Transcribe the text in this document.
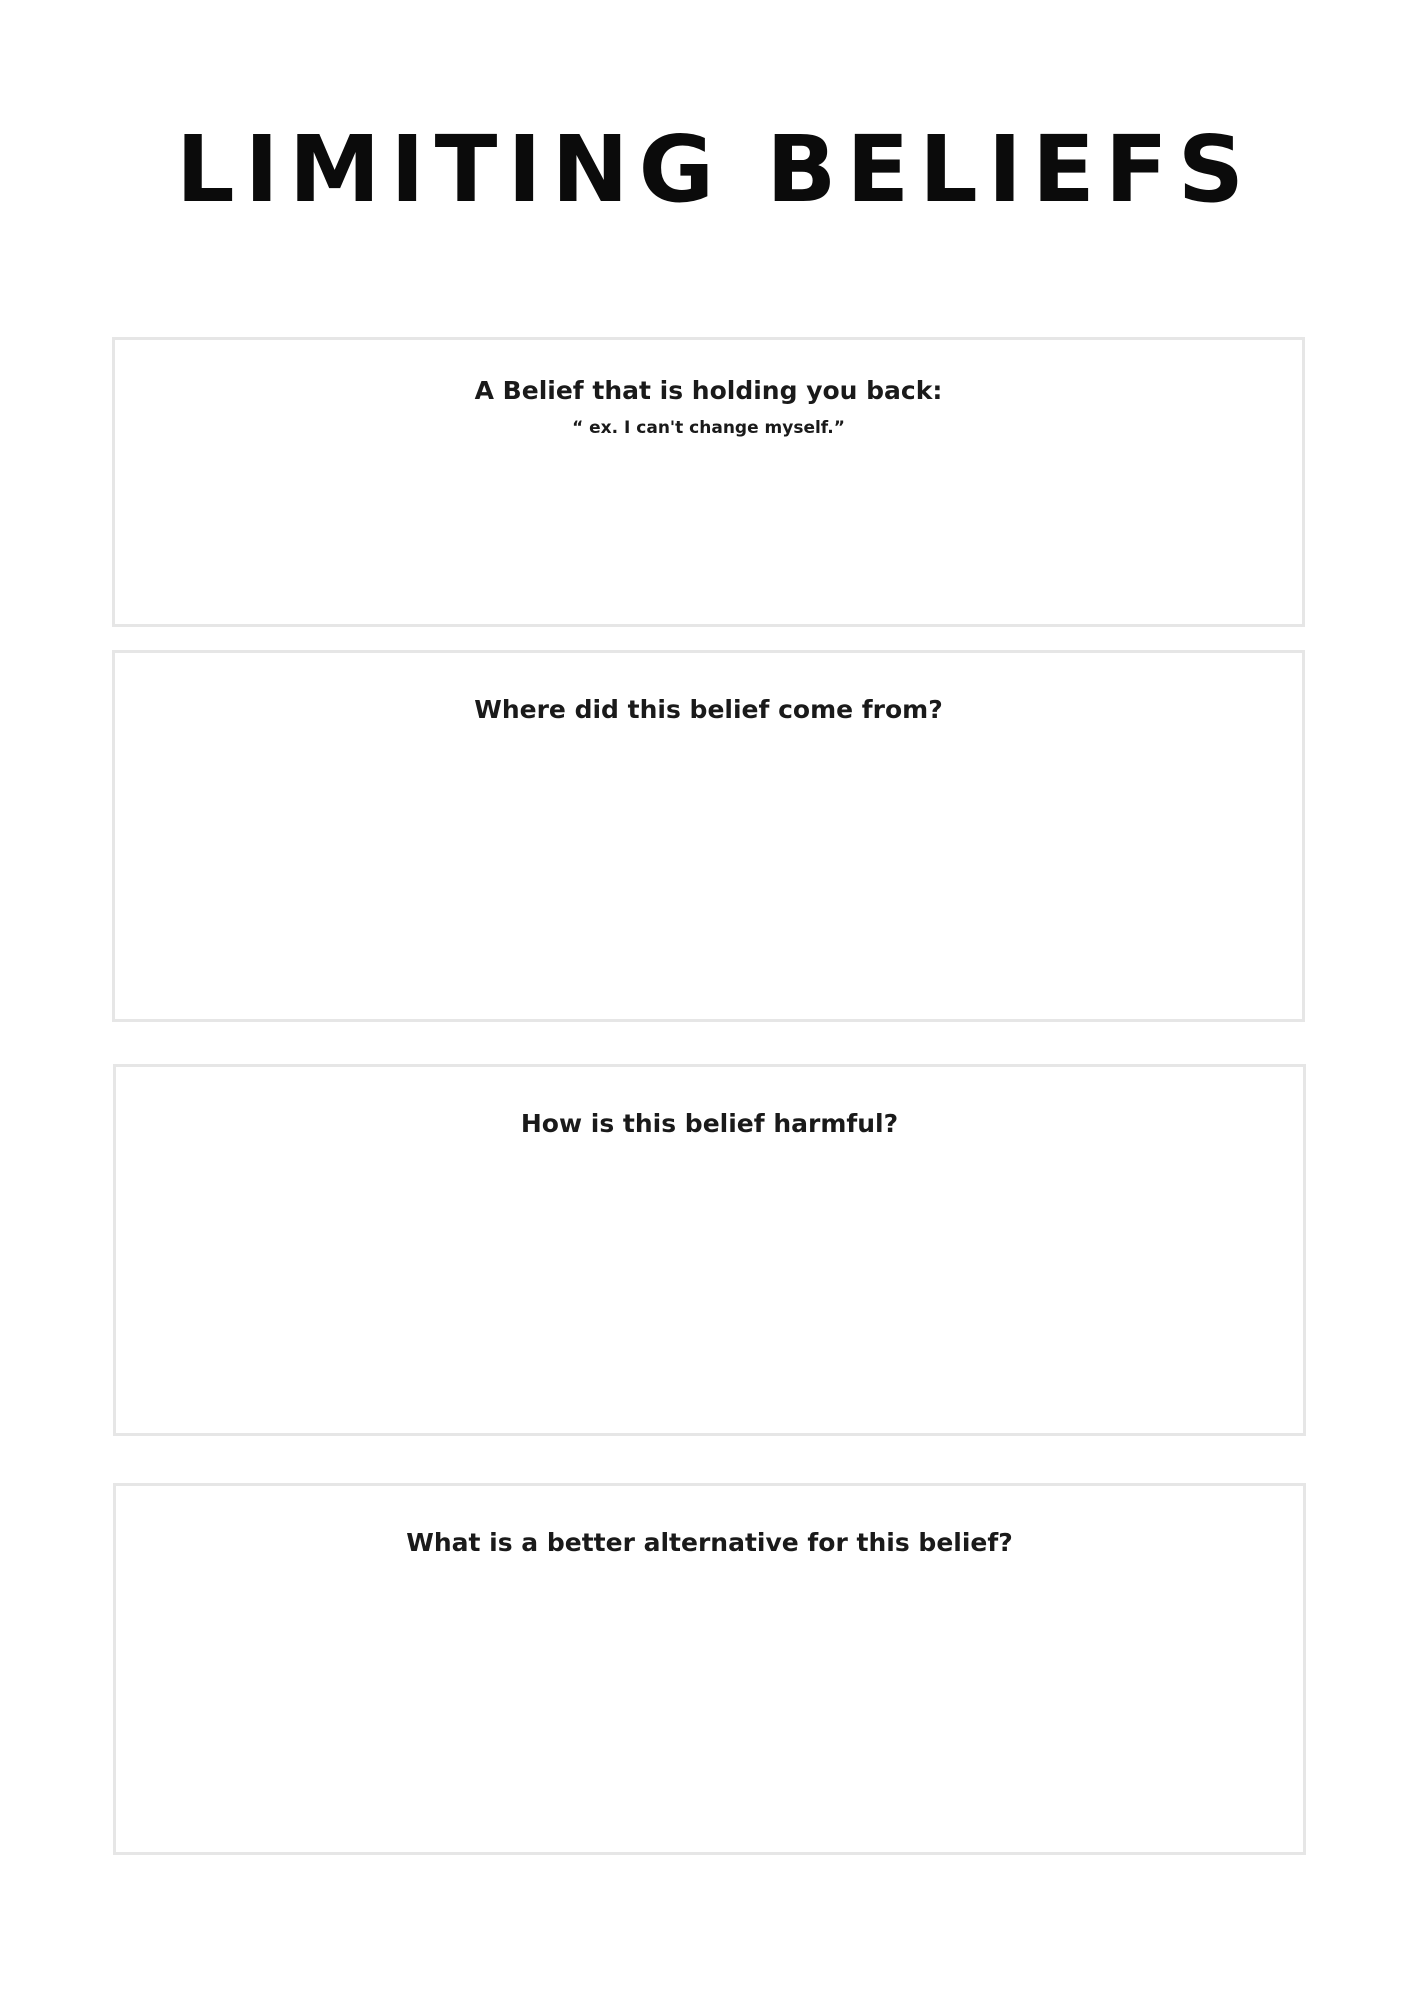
LIMITING BELIEFS

A Belief that is holding you back:

“ ex. I can't change myself.”

Where did this belief come from?

How is this belief harmful?

What is a better alternative for this belief?
